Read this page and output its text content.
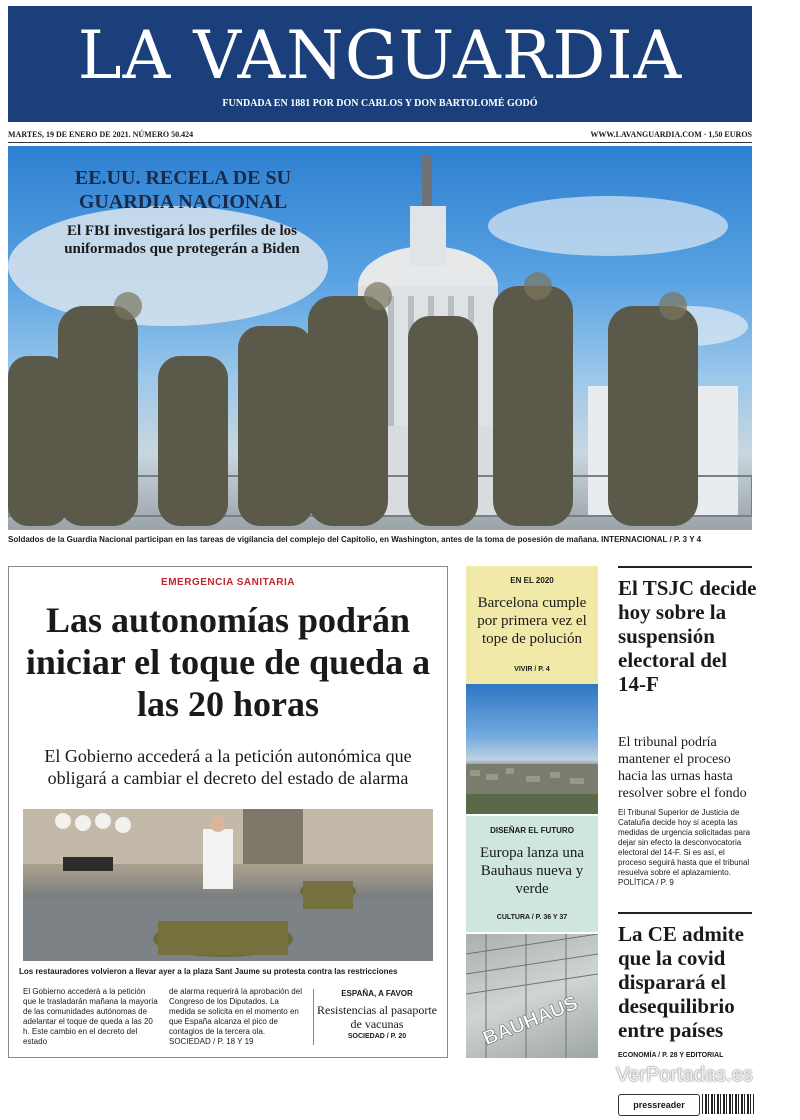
LA VANGUARDIA
FUNDADA EN 1881 POR DON CARLOS Y DON BARTOLOMÉ GODÓ
MARTES, 19 DE ENERO DE 2021. NÚMERO 50.424	WWW.LAVANGUARDIA.COM · 1,50 EUROS
EE.UU. RECELA DE SU GUARDIA NACIONAL
El FBI investigará los perfiles de los uniformados que protegerán a Biden
Soldados de la Guardia Nacional participan en las tareas de vigilancia del complejo del Capitolio, en Washington, antes de la toma de posesión de mañana. INTERNACIONAL / P. 3 Y 4
EMERGENCIA SANITARIA
Las autonomías podrán iniciar el toque de queda a las 20 horas
El Gobierno accederá a la petición autonómica que obligará a cambiar el decreto del estado de alarma
Los restauradores volvieron a llevar ayer a la plaza Sant Jaume su protesta contra las restricciones
El Gobierno accederá a la petición que le trasladarán mañana la mayoría de las comunidades autónomas de adelantar el toque de queda a las 20 h. Este cambio en el decreto del estado
de alarma requerirá la aprobación del Congreso de los Diputados. La medida se solicita en el momento en que España alcanza el pico de contagios de la tercera ola. SOCIEDAD / P. 18 Y 19
ESPAÑA, A FAVOR
Resistencias al pasaporte de vacunas
SOCIEDAD / P. 20
EN EL 2020
Barcelona cumple por primera vez el tope de polución
VIVIR / P. 4
DISEÑAR EL FUTURO
Europa lanza una Bauhaus nueva y verde
CULTURA / P. 36 Y 37
BAUHAUS
El TSJC decide hoy sobre la suspensión electoral del 14-F
El tribunal podría mantener el proceso hacia las urnas hasta resolver sobre el fondo
El Tribunal Superior de Justicia de Cataluña decide hoy si acepta las medidas de urgencia solicitadas para dejar sin efecto la desconvocatoria electoral del 14-F. Si es así, el proceso seguirá hasta que el tribunal resuelva sobre el aplazamiento. POLÍTICA / P. 9
La CE admite que la covid disparará el desequilibrio entre países
ECONOMÍA / P. 28 Y EDITORIAL
VerPortadas.es
pressreader
